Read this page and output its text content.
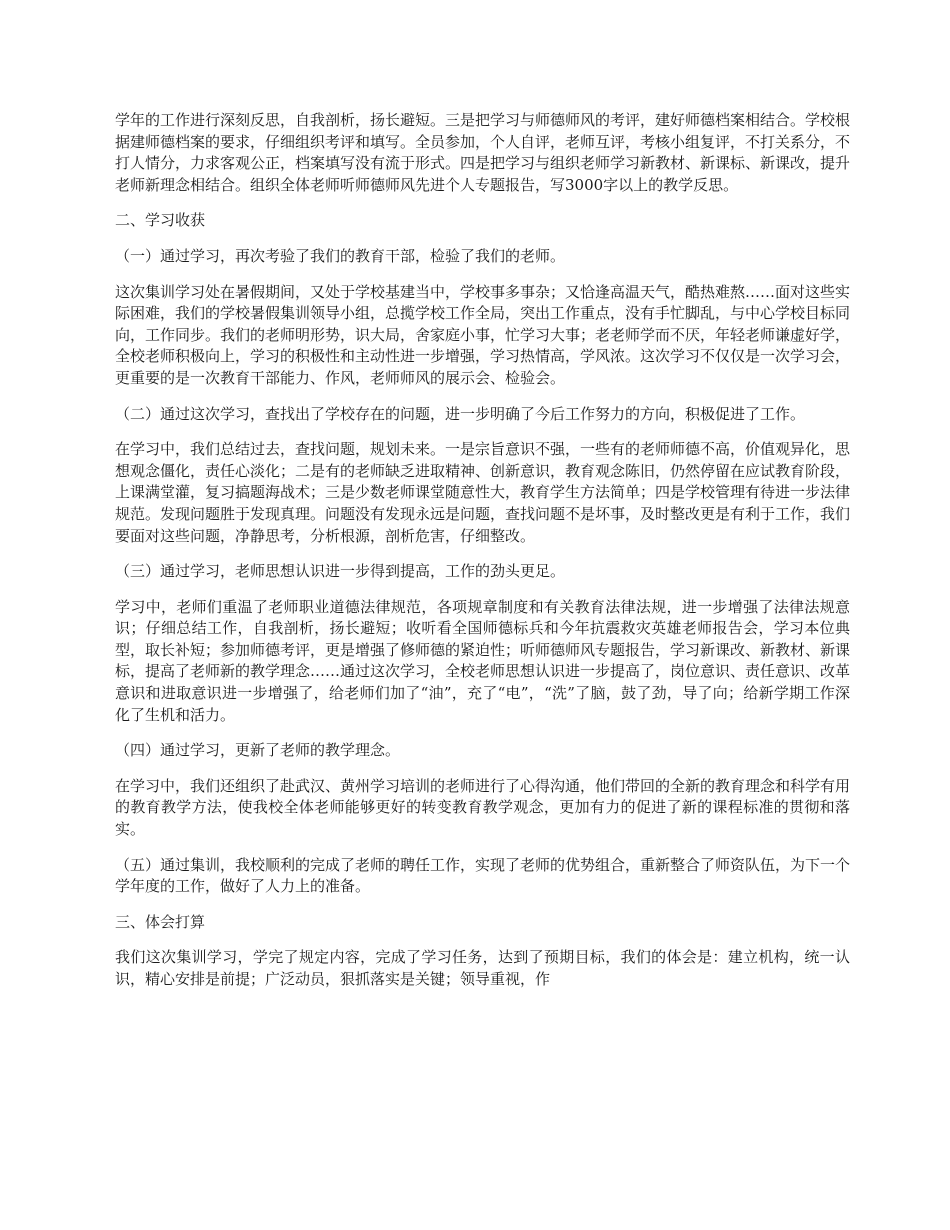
学年的工作进行深刻反思，自我剖析，扬长避短。三是把学习与师德师风的考评，建好师德档案相结合。学校根据建师德档案的要求，仔细组织考评和填写。全员参加，个人自评，老师互评，考核小组复评，不打关系分，不打人情分，力求客观公正，档案填写没有流于形式。四是把学习与组织老师学习新教材、新课标、新课改，提升老师新理念相结合。组织全体老师听师德师风先进个人专题报告，写3000字以上的教学反思。

二、学习收获

（一）通过学习，再次考验了我们的教育干部，检验了我们的老师。

这次集训学习处在暑假期间，又处于学校基建当中，学校事多事杂；又恰逢高温天气，酷热难熬……面对这些实际困难，我们的学校暑假集训领导小组，总揽学校工作全局，突出工作重点，没有手忙脚乱，与中心学校目标同向，工作同步。我们的老师明形势，识大局，舍家庭小事，忙学习大事；老老师学而不厌，年轻老师谦虚好学，全校老师积极向上，学习的积极性和主动性进一步增强，学习热情高，学风浓。这次学习不仅仅是一次学习会，更重要的是一次教育干部能力、作风，老师师风的展示会、检验会。

（二）通过这次学习，查找出了学校存在的问题，进一步明确了今后工作努力的方向，积极促进了工作。

在学习中，我们总结过去，查找问题，规划未来。一是宗旨意识不强，一些有的老师师德不高，价值观异化，思想观念僵化，责任心淡化；二是有的老师缺乏进取精神、创新意识，教育观念陈旧，仍然停留在应试教育阶段，上课满堂灌，复习搞题海战术；三是少数老师课堂随意性大，教育学生方法简单；四是学校管理有待进一步法律规范。发现问题胜于发现真理。问题没有发现永远是问题，查找问题不是坏事，及时整改更是有利于工作，我们要面对这些问题，净静思考，分析根源，剖析危害，仔细整改。

（三）通过学习，老师思想认识进一步得到提高，工作的劲头更足。

学习中，老师们重温了老师职业道德法律规范，各项规章制度和有关教育法律法规，进一步增强了法律法规意识；仔细总结工作，自我剖析，扬长避短；收听看全国师德标兵和今年抗震救灾英雄老师报告会，学习本位典型，取长补短；参加师德考评，更是增强了修师德的紧迫性；听师德师风专题报告，学习新课改、新教材、新课标，提高了老师新的教学理念……通过这次学习，全校老师思想认识进一步提高了，岗位意识、责任意识、改革意识和进取意识进一步增强了，给老师们加了“油”，充了“电”，“洗”了脑，鼓了劲，导了向；给新学期工作深化了生机和活力。

（四）通过学习，更新了老师的教学理念。

在学习中，我们还组织了赴武汉、黄州学习培训的老师进行了心得沟通，他们带回的全新的教育理念和科学有用的教育教学方法，使我校全体老师能够更好的转变教育教学观念，更加有力的促进了新的课程标准的贯彻和落实。

（五）通过集训，我校顺利的完成了老师的聘任工作，实现了老师的优势组合，重新整合了师资队伍，为下一个学年度的工作，做好了人力上的准备。

三、体会打算

我们这次集训学习，学完了规定内容，完成了学习任务，达到了预期目标，我们的体会是：建立机构，统一认识，精心安排是前提；广泛动员，狠抓落实是关键；领导重视，作
